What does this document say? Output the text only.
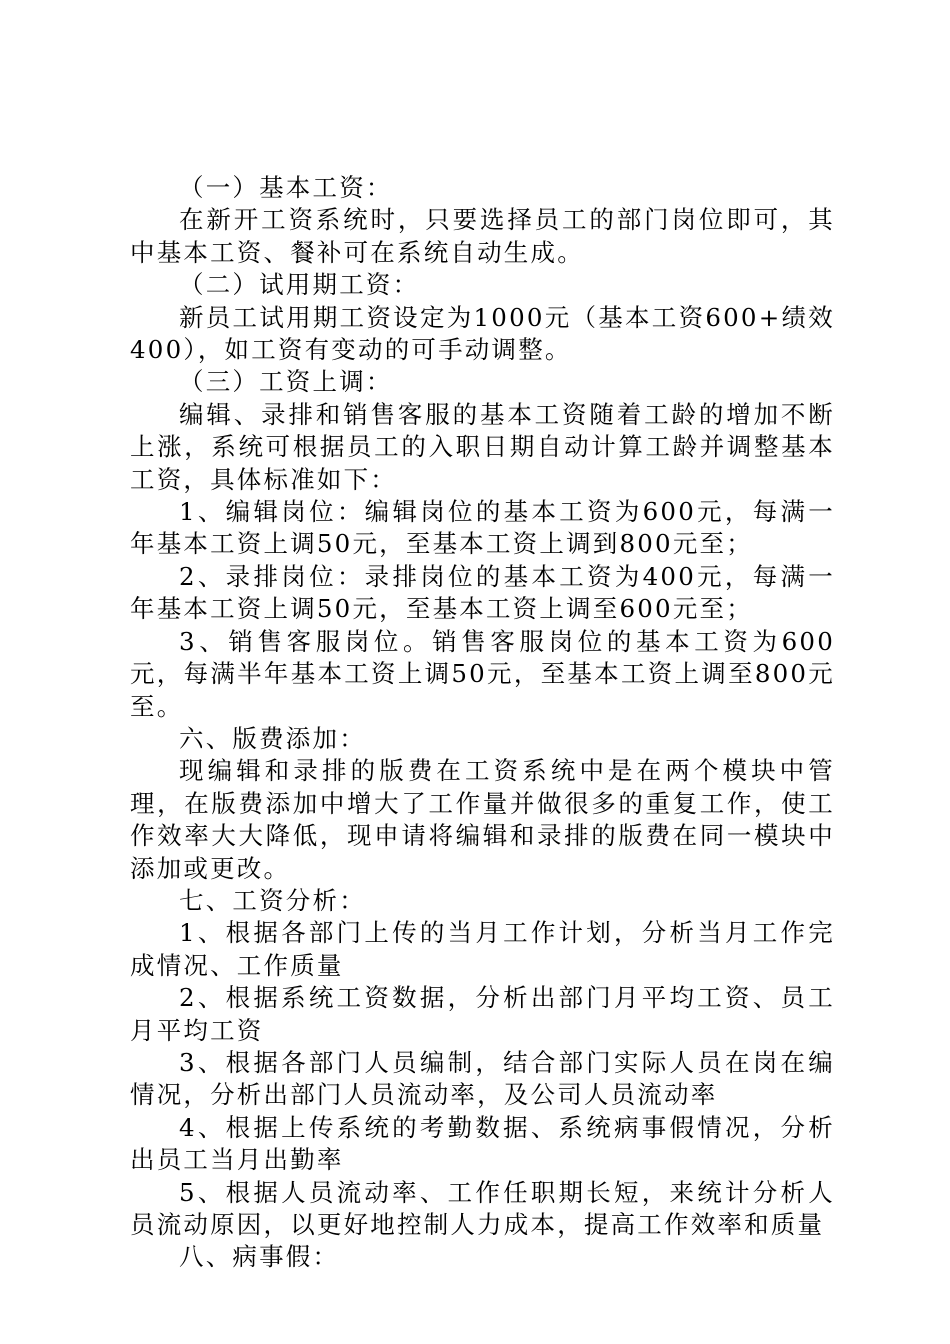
（一）基本工资：

在新开工资系统时，只要选择员工的部门岗位即可，其中基本工资、餐补可在系统自动生成。

（二）试用期工资：

新员工试用期工资设定为1000元（基本工资600+绩效400），如工资有变动的可手动调整。

（三）工资上调：

编辑、录排和销售客服的基本工资随着工龄的增加不断上涨，系统可根据员工的入职日期自动计算工龄并调整基本工资，具体标准如下：

1、编辑岗位：编辑岗位的基本工资为600元，每满一年基本工资上调50元，至基本工资上调到800元至；

2、录排岗位：录排岗位的基本工资为400元，每满一年基本工资上调50元，至基本工资上调至600元至；

3、销售客服岗位。销售客服岗位的基本工资为600元，每满半年基本工资上调50元，至基本工资上调至800元至。

六、版费添加：

现编辑和录排的版费在工资系统中是在两个模块中管理，在版费添加中增大了工作量并做很多的重复工作，使工作效率大大降低，现申请将编辑和录排的版费在同一模块中添加或更改。

七、工资分析：

1、根据各部门上传的当月工作计划，分析当月工作完成情况、工作质量

2、根据系统工资数据，分析出部门月平均工资、员工月平均工资

3、根据各部门人员编制，结合部门实际人员在岗在编情况，分析出部门人员流动率，及公司人员流动率

4、根据上传系统的考勤数据、系统病事假情况，分析出员工当月出勤率

5、根据人员流动率、工作任职期长短，来统计分析人员流动原因，以更好地控制人力成本，提高工作效率和质量

八、病事假：
